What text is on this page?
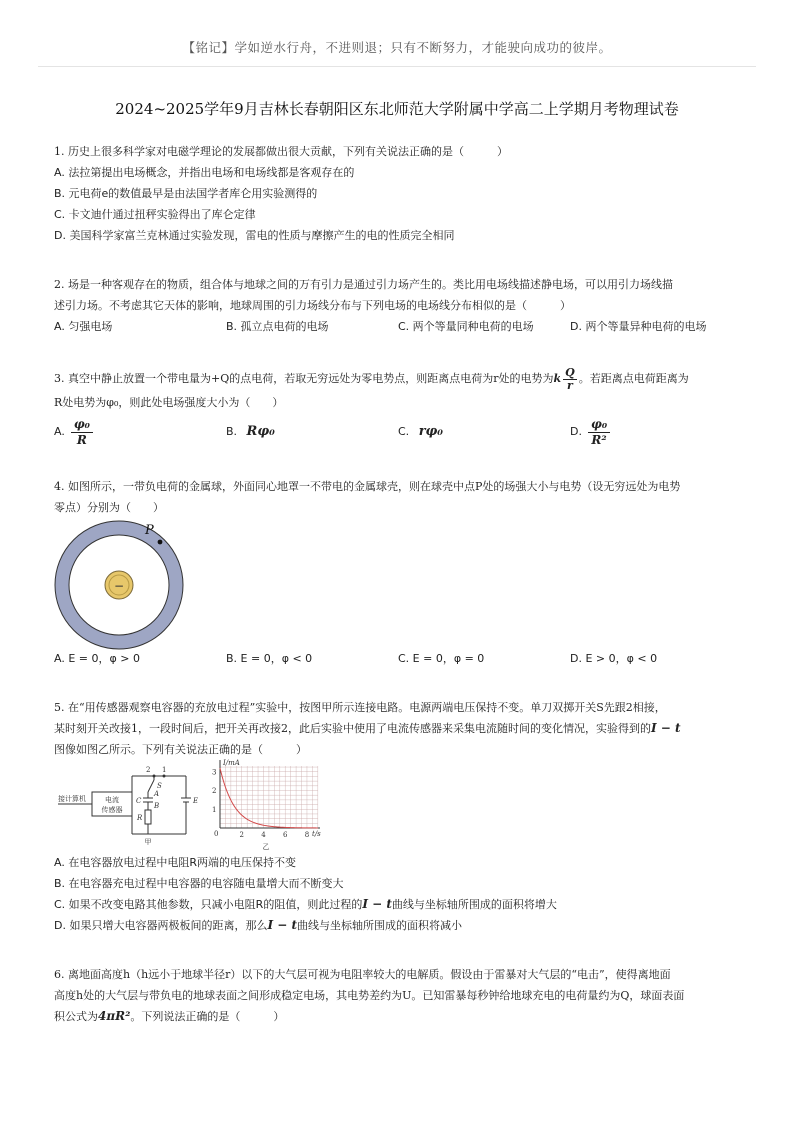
【铭记】学如逆水行舟，不进则退；只有不断努力，才能驶向成功的彼岸。
2024~2025学年9月吉林长春朝阳区东北师范大学附属中学高二上学期月考物理试卷
1. 历史上很多科学家对电磁学理论的发展都做出很大贡献，下列有关说法正确的是（　　　）
A. 法拉第提出电场概念，并指出电场和电场线都是客观存在的
B. 元电荷e的数值最早是由法国学者库仑用实验测得的
C. 卡文迪什通过扭秤实验得出了库仑定律
D. 美国科学家富兰克林通过实验发现，雷电的性质与摩擦产生的电的性质完全相同
2. 场是一种客观存在的物质，组合体与地球之间的万有引力是通过引力场产生的。类比用电场线描述静电场，可以用引力场线描
述引力场。不考虑其它天体的影响，地球周围的引力场线分布与下列电场的电场线分布相似的是（　　　）
A. 匀强电场	B. 孤立点电荷的电场	C. 两个等量同种电荷的电场	D. 两个等量异种电荷的电场
3. 真空中静止放置一个带电量为+Q的点电荷，若取无穷远处为零电势点，则距离点电荷为r处的电势为k $\frac{Q}{r}$ 。若距离点电荷距离为
R处电势为φ₀，则此处电场强度大小为（　　）
A. $\frac{\text{φ₀}}{R}$	B. Rφ₀	C. rφ₀	D. $\frac{\text{φ₀}}{\text{R²}}$
4. 如图所示，一带负电荷的金属球，外面同心地罩一不带电的金属球壳，则在球壳中点P处的场强大小与电势（设无穷远处为电势
零点）分别为（　　）
−
P
A. E = 0，φ > 0	B. E = 0，φ < 0	C. E = 0，φ = 0	D. E > 0，φ < 0
5. 在“用传感器观察电容器的充放电过程”实验中，按图甲所示连接电路。电源两端电压保持不变。单刀双掷开关S先跟2相接，
某时刻开关改接1，一段时间后，把开关再改接2，此后实验中使用了电流传感器来采集电流随时间的变化情况，实验得到的I − t
图像如图乙所示。下列有关说法正确的是（　　　）
接计算机	电流
传感器
2 1
S
A
C
B
R
E
甲
I/mA
t/s
0
3
2
1
2 4 6 8
乙
A. 在电容器放电过程中电阻R两端的电压保持不变
B. 在电容器充电过程中电容器的电容随电量增大而不断变大
C. 如果不改变电路其他参数，只减小电阻R的阻值，则此过程的I − t曲线与坐标轴所围成的面积将增大
D. 如果只增大电容器两极板间的距离，那么I − t曲线与坐标轴所围成的面积将减小
6. 离地面高度h（h远小于地球半径r）以下的大气层可视为电阻率较大的电解质。假设由于雷暴对大气层的“电击”，使得离地面
高度h处的大气层与带负电的地球表面之间形成稳定电场，其电势差约为U。已知雷暴每秒钟给地球充电的电荷量约为Q，球面表面
积公式为4πR²。下列说法正确的是（　　　）
